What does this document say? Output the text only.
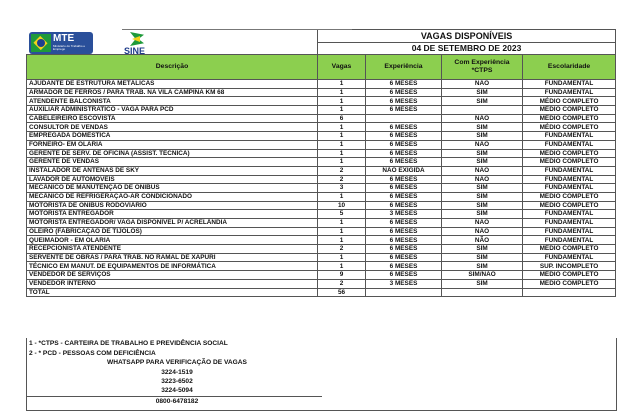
	VAGAS DISPONÍVEIS			
	04 DE SETEMBRO DE 2023			
Descrição	Vagas	Experiência	Com Experiência *CTPS	Escolaridade
AJUDANTE DE ESTRUTURA METÁLICAS	1	6 MESES	NÃO	FUNDAMENTAL
ARMADOR DE FERROS / PARA TRAB. NA VILA CAMPINA KM 68	1	6 MESES	SIM	FUNDAMENTAL
ATENDENTE BALCONISTA	1	6 MESES	SIM	MÉDIO COMPLETO
AUXILIAR ADMINISTRATICO - VAGA PARA PCD	1	6 MESES		MÉDIO COMPLETO
CABELEIREIRO ESCOVISTA	6		NÃO	MÉDIO COMPLETO
CONSULTOR DE VENDAS	1	6 MESES	SIM	MÉDIO COMPLETO
EMPREGADA DOMÉSTICA	1	6 MESES	SIM	FUNDAMENTAL
FORNEIRO- EM OLARIA	1	6 MESES	NÃO	FUNDAMENTAL
GERENTE DE SERV. DE OFICINA (ASSIST. TÉCNICA)	1	6 MESES	SIM	MÉDIO COMPLETO
GERENTE DE VENDAS	1	6 MESES	SIM	MÉDIO COMPLETO
INSTALADOR DE ANTENAS DE SKY	2	NÃO EXIGIDA	NÃO	FUNDAMENTAL
LAVADOR DE AUTOMÓVEIS	2	6 MESES	NÃO	FUNDAMENTAL
MECÂNICO DE MANUTENÇÃO DE ÔNIBUS	3	6 MESES	SIM	FUNDAMENTAL
MECÂNICO DE REFRIGERAÇÃO-AR CONDICIONADO	1	6 MESES	SIM	MÉDIO COMPLETO
MOTORISTA DE ÔNIBUS RODOVIÁRIO	10	6 MESES	SIM	MÉDIO COMPLETO
MOTORISTA ENTREGADOR	5	3 MESES	SIM	FUNDAMENTAL
MOTORISTA ENTREGADOR/ VAGA DISPONÍVEL P/ ACRELÂNDIA	1	6 MESES	NÃO	FUNDAMENTAL
OLEIRO (FABRICAÇÃO DE TIJOLOS)	1	6 MESES	NÃO	FUNDAMENTAL
QUEIMADOR - EM OLARIA	1	6 MESES	NÃO	FUNDAMENTAL
RECEPCIONISTA ATENDENTE	2	6 MESES	SIM	MÉDIO COMPLETO
SERVENTE DE OBRAS / PARA TRAB. NO RAMAL DE XAPURI	1	6 MESES	SIM	FUNDAMENTAL
TÉCNICO EM MANUT. DE EQUIPAMENTOS DE INFORMÁTICA	1	6 MESES	SIM	SUP. INCOMPLETO
VENDEDOR DE SERVIÇOS	9	6 MESES	SIM/NÃO	MÉDIO COMPLETO
VENDEDOR INTERNO	2	3 MESES	SIM	MÉDIO COMPLETO
TOTAL	56			
MTE
Ministério do Trabalho e Emprego	SINE
1 - *CTPS - CARTEIRA DE TRABALHO E PREVIDÊNCIA SOCIAL
2 - * PCD - PESSOAS COM DEFICIÊNCIA
WHATSAPP PARA VERIFICAÇÃO DE VAGAS
3224-1519
3223-6502
3224-5094
0800-6478182
